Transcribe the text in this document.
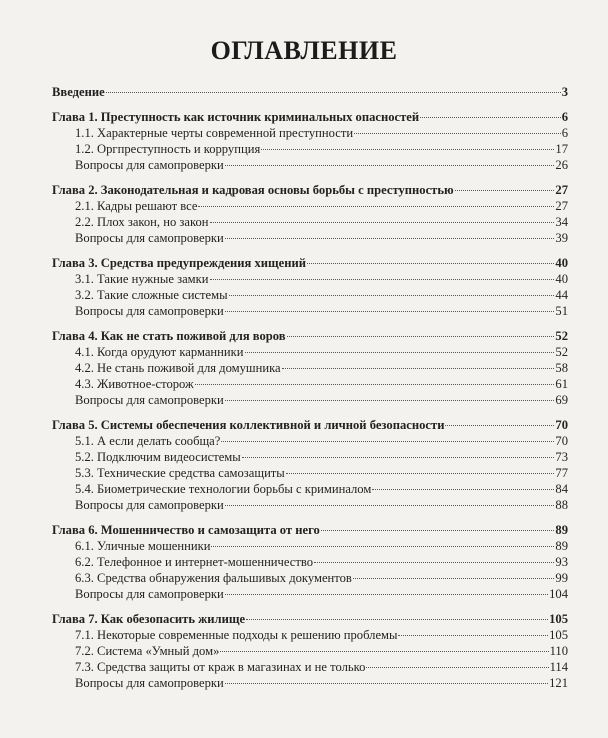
ОГЛАВЛЕНИЕ
Введение	3
Глава 1. Преступность как источник криминальных опасностей	6
1.1. Характерные черты современной преступности	6
1.2. Оргпреступность и коррупция	17
Вопросы для самопроверки	26
Глава 2. Законодательная и кадровая основы борьбы с преступностью	27
2.1. Кадры решают все	27
2.2. Плох закон, но закон	34
Вопросы для самопроверки	39
Глава 3. Средства предупреждения хищений	40
3.1. Такие нужные замки	40
3.2. Такие сложные системы	44
Вопросы для самопроверки	51
Глава 4. Как не стать поживой для воров	52
4.1. Когда орудуют карманники	52
4.2. Не стань поживой для домушника	58
4.3. Животное-сторож	61
Вопросы для самопроверки	69
Глава 5. Системы обеспечения коллективной и личной безопасности	70
5.1. А если делать сообща?	70
5.2. Подключим видеосистемы	73
5.3. Технические средства самозащиты	77
5.4. Биометрические технологии борьбы с криминалом	84
Вопросы для самопроверки	88
Глава 6. Мошенничество и самозащита от него	89
6.1. Уличные мошенники	89
6.2. Телефонное и интернет-мошенничество	93
6.3. Средства обнаружения фальшивых документов	99
Вопросы для самопроверки	104
Глава 7. Как обезопасить жилище	105
7.1. Некоторые современные подходы к решению проблемы	105
7.2. Система «Умный дом»	110
7.3. Средства защиты от краж в магазинах и не только	114
Вопросы для самопроверки	121
